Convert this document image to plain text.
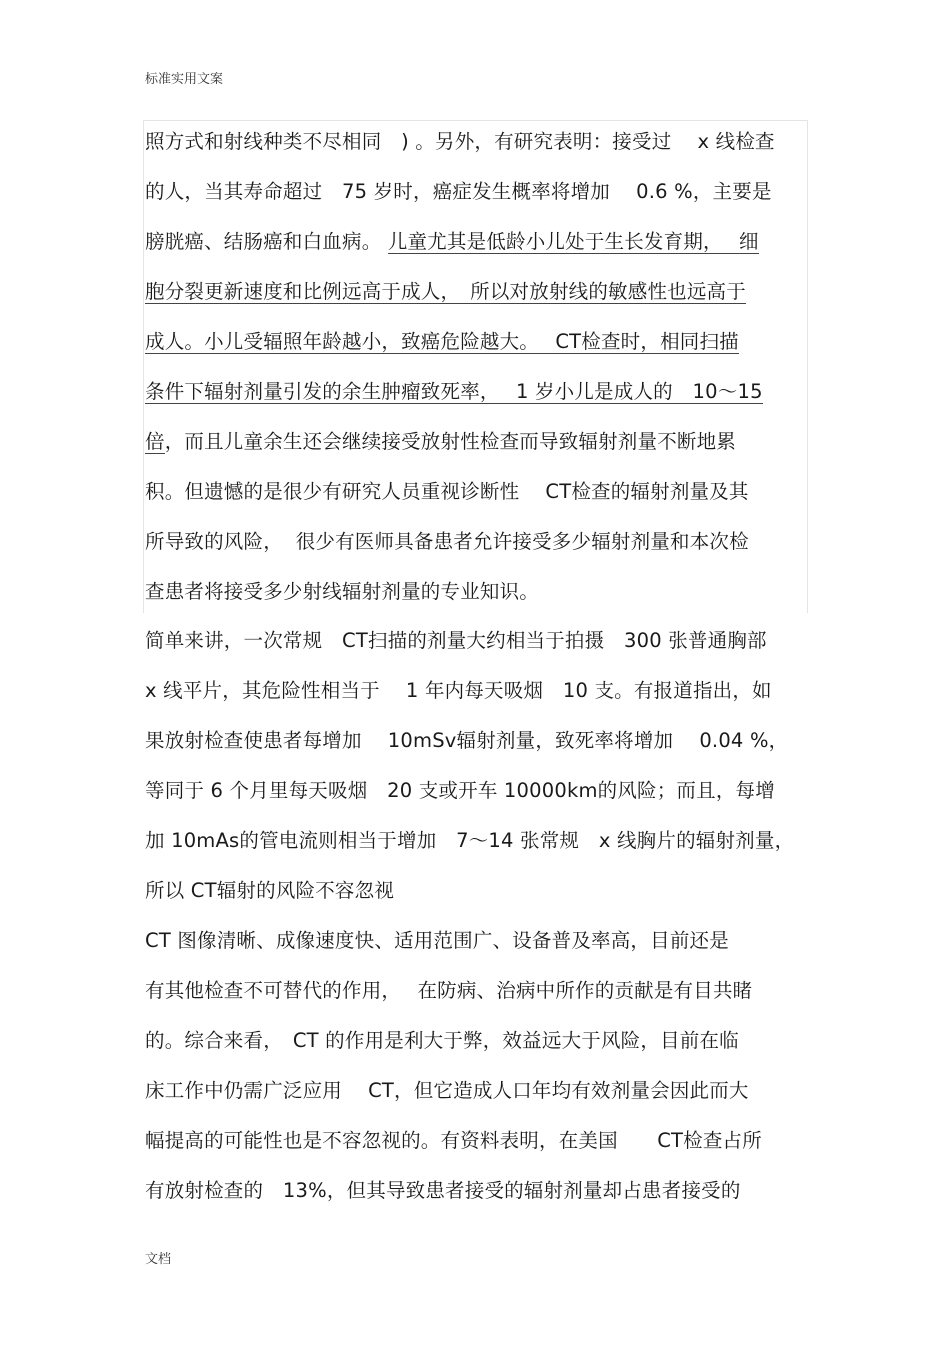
标准实用文案
照方式和射线种类不尽相同　) 。另外，有研究表明：接受过　 x 线检查
的人，当其寿命超过　75 岁时，癌症发生概率将增加　 0.6 %，主要是
膀胱癌、结肠癌和白血病。 儿童尤其是低龄小儿处于生长发育期，　 细
胞分裂更新速度和比例远高于成人，　所以对放射线的敏感性也远高于
成人。小儿受辐照年龄越小，致癌危险越大。　 CT检查时，相同扫描
条件下辐射剂量引发的余生肿瘤致死率，　 1 岁小儿是成人的　10～15
倍，而且儿童余生还会继续接受放射性检查而导致辐射剂量不断地累
积。但遗憾的是很少有研究人员重视诊断性　 CT检查的辐射剂量及其
所导致的风险，  很少有医师具备患者允许接受多少辐射剂量和本次检
查患者将接受多少射线辐射剂量的专业知识。
简单来讲，一次常规　CT扫描的剂量大约相当于拍摄　300 张普通胸部
x 线平片，其危险性相当于　 1 年内每天吸烟　10 支。有报道指出，如
果放射检查使患者每增加　 10mSv辐射剂量，致死率将增加　 0.04 %，
等同于 6 个月里每天吸烟　20 支或开车 10000km的风险；而且，每增
加 10mAs的管电流则相当于增加　7～14 张常规　x 线胸片的辐射剂量，
所以 CT辐射的风险不容忽视
CT 图像清晰、成像速度快、适用范围广、设备普及率高，目前还是
有其他检查不可替代的作用，　 在防病、治病中所作的贡献是有目共睹
的。综合来看，　CT 的作用是利大于弊，效益远大于风险，目前在临
床工作中仍需广泛应用　 CT，但它造成人口年均有效剂量会因此而大
幅提高的可能性也是不容忽视的。有资料表明，在美国　　CT检查占所
有放射检查的　13%，但其导致患者接受的辐射剂量却占患者接受的
文档
